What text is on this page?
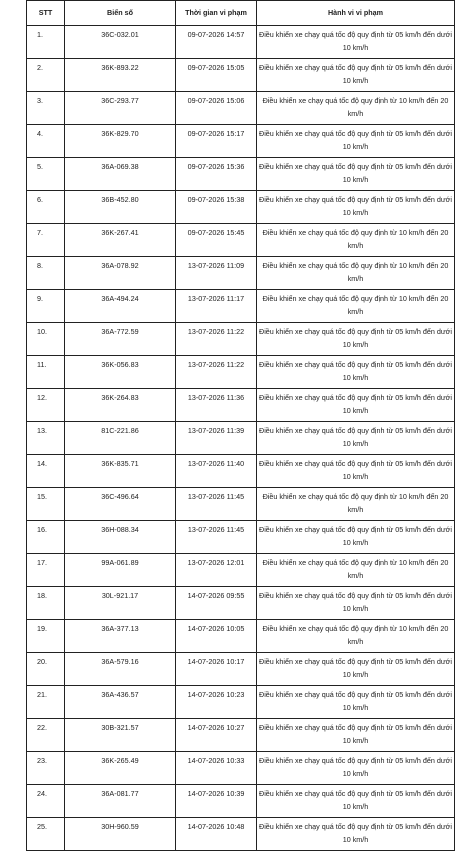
STT	Biển số	Thời gian vi phạm	Hành vi vi phạm
1.	36C-032.01	09-07-2026 14:57	Điều khiển xe chạy quá tốc độ quy định từ 05 km/h đến dưới 10 km/h
2.	36K-893.22	09-07-2026 15:05	Điều khiển xe chạy quá tốc độ quy định từ 05 km/h đến dưới 10 km/h
3.	36C-293.77	09-07-2026 15:06	Điều khiển xe chạy quá tốc độ quy định từ 10 km/h đến 20 km/h
4.	36K-829.70	09-07-2026 15:17	Điều khiển xe chạy quá tốc độ quy định từ 05 km/h đến dưới 10 km/h
5.	36A-069.38	09-07-2026 15:36	Điều khiển xe chạy quá tốc độ quy định từ 05 km/h đến dưới 10 km/h
6.	36B-452.80	09-07-2026 15:38	Điều khiển xe chạy quá tốc độ quy định từ 05 km/h đến dưới 10 km/h
7.	36K-267.41	09-07-2026 15:45	Điều khiển xe chạy quá tốc độ quy định từ 10 km/h đến 20 km/h
8.	36A-078.92	13-07-2026 11:09	Điều khiển xe chạy quá tốc độ quy định từ 10 km/h đến 20 km/h
9.	36A-494.24	13-07-2026 11:17	Điều khiển xe chạy quá tốc độ quy định từ 10 km/h đến 20 km/h
10.	36A-772.59	13-07-2026 11:22	Điều khiển xe chạy quá tốc độ quy định từ 05 km/h đến dưới 10 km/h
11.	36K-056.83	13-07-2026 11:22	Điều khiển xe chạy quá tốc độ quy định từ 05 km/h đến dưới 10 km/h
12.	36K-264.83	13-07-2026 11:36	Điều khiển xe chạy quá tốc độ quy định từ 05 km/h đến dưới 10 km/h
13.	81C-221.86	13-07-2026 11:39	Điều khiển xe chạy quá tốc độ quy định từ 05 km/h đến dưới 10 km/h
14.	36K-835.71	13-07-2026 11:40	Điều khiển xe chạy quá tốc độ quy định từ 05 km/h đến dưới 10 km/h
15.	36C-496.64	13-07-2026 11:45	Điều khiển xe chạy quá tốc độ quy định từ 10 km/h đến 20 km/h
16.	36H-088.34	13-07-2026 11:45	Điều khiển xe chạy quá tốc độ quy định từ 05 km/h đến dưới 10 km/h
17.	99A-061.89	13-07-2026 12:01	Điều khiển xe chạy quá tốc độ quy định từ 10 km/h đến 20 km/h
18.	30L-921.17	14-07-2026 09:55	Điều khiển xe chạy quá tốc độ quy định từ 05 km/h đến dưới 10 km/h
19.	36A-377.13	14-07-2026 10:05	Điều khiển xe chạy quá tốc độ quy định từ 10 km/h đến 20 km/h
20.	36A-579.16	14-07-2026 10:17	Điều khiển xe chạy quá tốc độ quy định từ 05 km/h đến dưới 10 km/h
21.	36A-436.57	14-07-2026 10:23	Điều khiển xe chạy quá tốc độ quy định từ 05 km/h đến dưới 10 km/h
22.	30B-321.57	14-07-2026 10:27	Điều khiển xe chạy quá tốc độ quy định từ 05 km/h đến dưới 10 km/h
23.	36K-265.49	14-07-2026 10:33	Điều khiển xe chạy quá tốc độ quy định từ 05 km/h đến dưới 10 km/h
24.	36A-081.77	14-07-2026 10:39	Điều khiển xe chạy quá tốc độ quy định từ 05 km/h đến dưới 10 km/h
25.	30H-960.59	14-07-2026 10:48	Điều khiển xe chạy quá tốc độ quy định từ 05 km/h đến dưới 10 km/h
